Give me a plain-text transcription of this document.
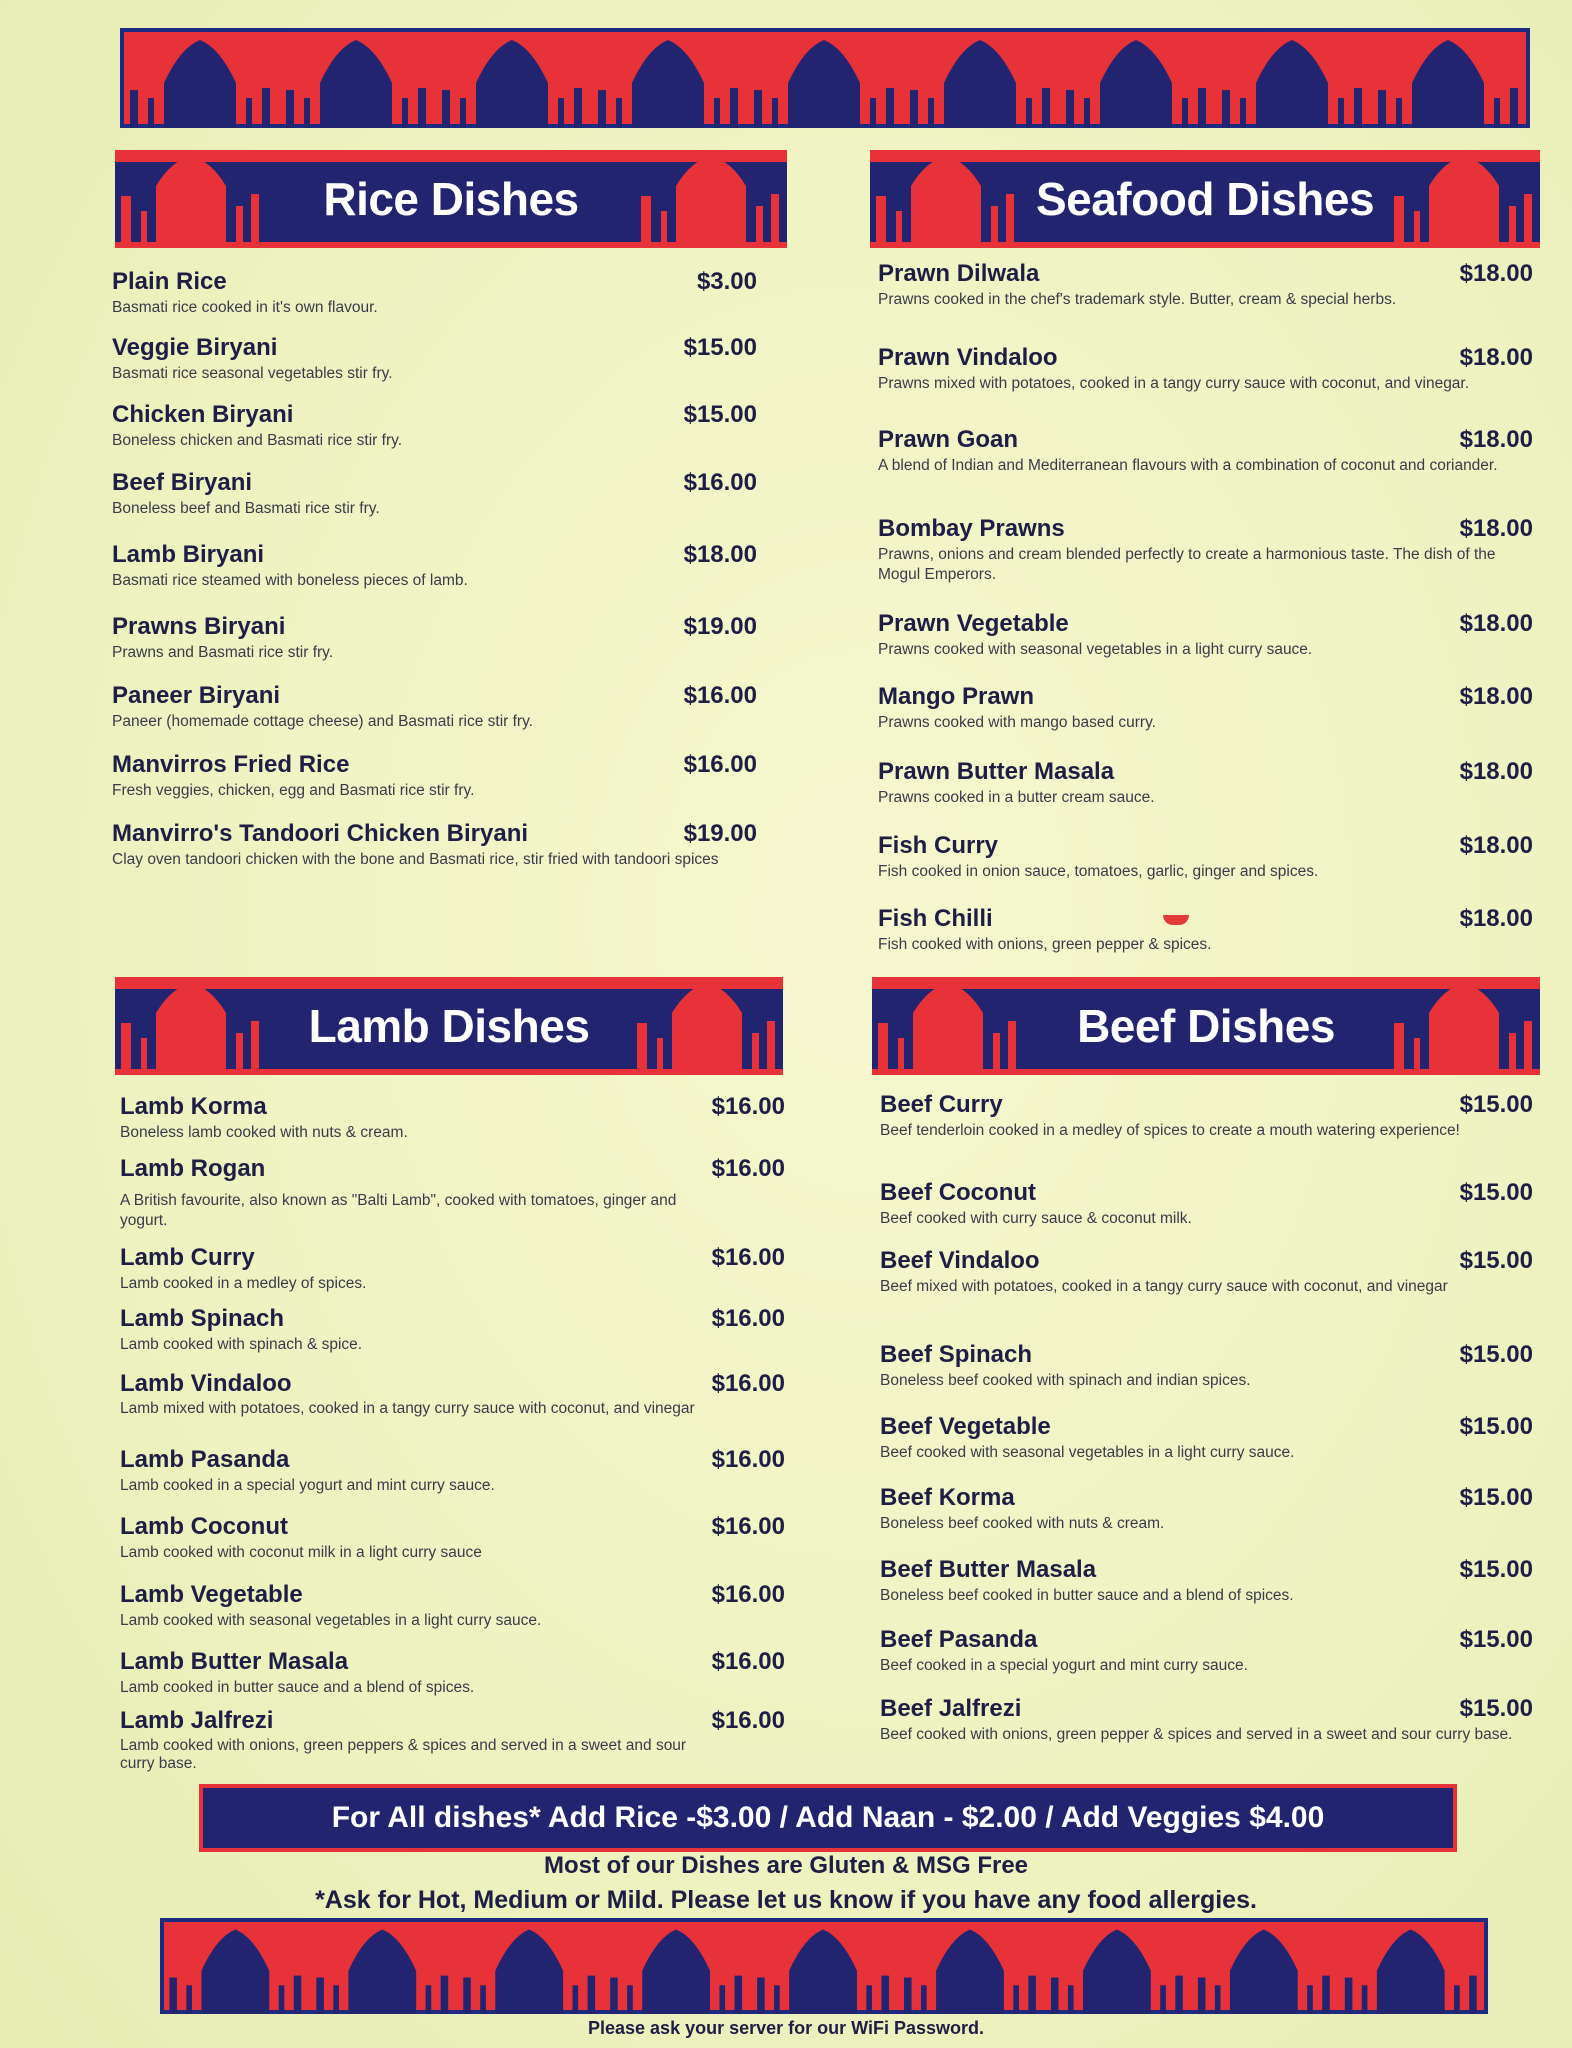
Rice Dishes	Seafood Dishes
Lamb Dishes	Beef Dishes
Plain Rice	$3.00
Basmati rice cooked in it's own flavour.
Veggie Biryani	$15.00
Basmati rice seasonal vegetables stir fry.
Chicken Biryani	$15.00
Boneless chicken and Basmati rice stir fry.
Beef Biryani	$16.00
Boneless beef and Basmati rice stir fry.
Lamb Biryani	$18.00
Basmati rice steamed with boneless pieces of lamb.
Prawns Biryani	$19.00
Prawns and Basmati rice stir fry.
Paneer Biryani	$16.00
Paneer (homemade cottage cheese) and Basmati rice stir fry.
Manvirros Fried Rice	$16.00
Fresh veggies, chicken, egg and Basmati rice stir fry.
Manvirro's Tandoori Chicken Biryani	$19.00
Clay oven tandoori chicken with the bone and Basmati rice, stir fried with tandoori spices
Prawn Dilwala	$18.00
Prawns cooked in the chef's trademark style. Butter, cream & special herbs.
Prawn Vindaloo	$18.00
Prawns mixed with potatoes, cooked in a tangy curry sauce with coconut, and vinegar.
Prawn Goan	$18.00
A blend of Indian and Mediterranean flavours with a combination of coconut and coriander.
Bombay Prawns	$18.00
Prawns, onions and cream blended perfectly to create a harmonious taste. The dish of the Mogul Emperors.
Prawn Vegetable	$18.00
Prawns cooked with seasonal vegetables in a light curry sauce.
Mango Prawn	$18.00
Prawns cooked with mango based curry.
Prawn Butter Masala	$18.00
Prawns cooked in a butter cream sauce.
Fish Curry	$18.00
Fish cooked in onion sauce, tomatoes, garlic, ginger and spices.
Fish Chilli	$18.00
Fish cooked with onions, green pepper & spices.
Lamb Korma	$16.00
Boneless lamb cooked with nuts & cream.
Lamb Rogan	$16.00
A British favourite, also known as "Balti Lamb", cooked with tomatoes, ginger and yogurt.
Lamb Curry	$16.00
Lamb cooked in a medley of spices.
Lamb Spinach	$16.00
Lamb cooked with spinach & spice.
Lamb Vindaloo	$16.00
Lamb mixed with potatoes, cooked in a tangy curry sauce with coconut, and vinegar
Lamb Pasanda	$16.00
Lamb cooked in a special yogurt and mint curry sauce.
Lamb Coconut	$16.00
Lamb cooked with coconut milk in a light curry sauce
Lamb Vegetable	$16.00
Lamb cooked with seasonal vegetables in a light curry sauce.
Lamb Butter Masala	$16.00
Lamb cooked in butter sauce and a blend of spices.
Lamb Jalfrezi	$16.00
Lamb cooked with onions, green peppers & spices and served in a sweet and sour curry base.
Beef Curry	$15.00
Beef tenderloin cooked in a medley of spices to create a mouth watering experience!
Beef Coconut	$15.00
Beef cooked with curry sauce & coconut milk.
Beef Vindaloo	$15.00
Beef mixed with potatoes, cooked in a tangy curry sauce with coconut, and vinegar
Beef Spinach	$15.00
Boneless beef cooked with spinach and indian spices.
Beef Vegetable	$15.00
Beef cooked with seasonal vegetables in a light curry sauce.
Beef Korma	$15.00
Boneless beef cooked with nuts & cream.
Beef Butter Masala	$15.00
Boneless beef cooked in butter sauce and a blend of spices.
Beef Pasanda	$15.00
Beef cooked in a special yogurt and mint curry sauce.
Beef Jalfrezi	$15.00
Beef cooked with onions, green pepper & spices and served in a sweet and sour curry base.
For All dishes* Add Rice -$3.00 / Add Naan - $2.00 / Add Veggies $4.00
Most of our Dishes are Gluten & MSG Free
*Ask for Hot, Medium or Mild. Please let us know if you have any food allergies.
Please ask your server for our WiFi Password.
